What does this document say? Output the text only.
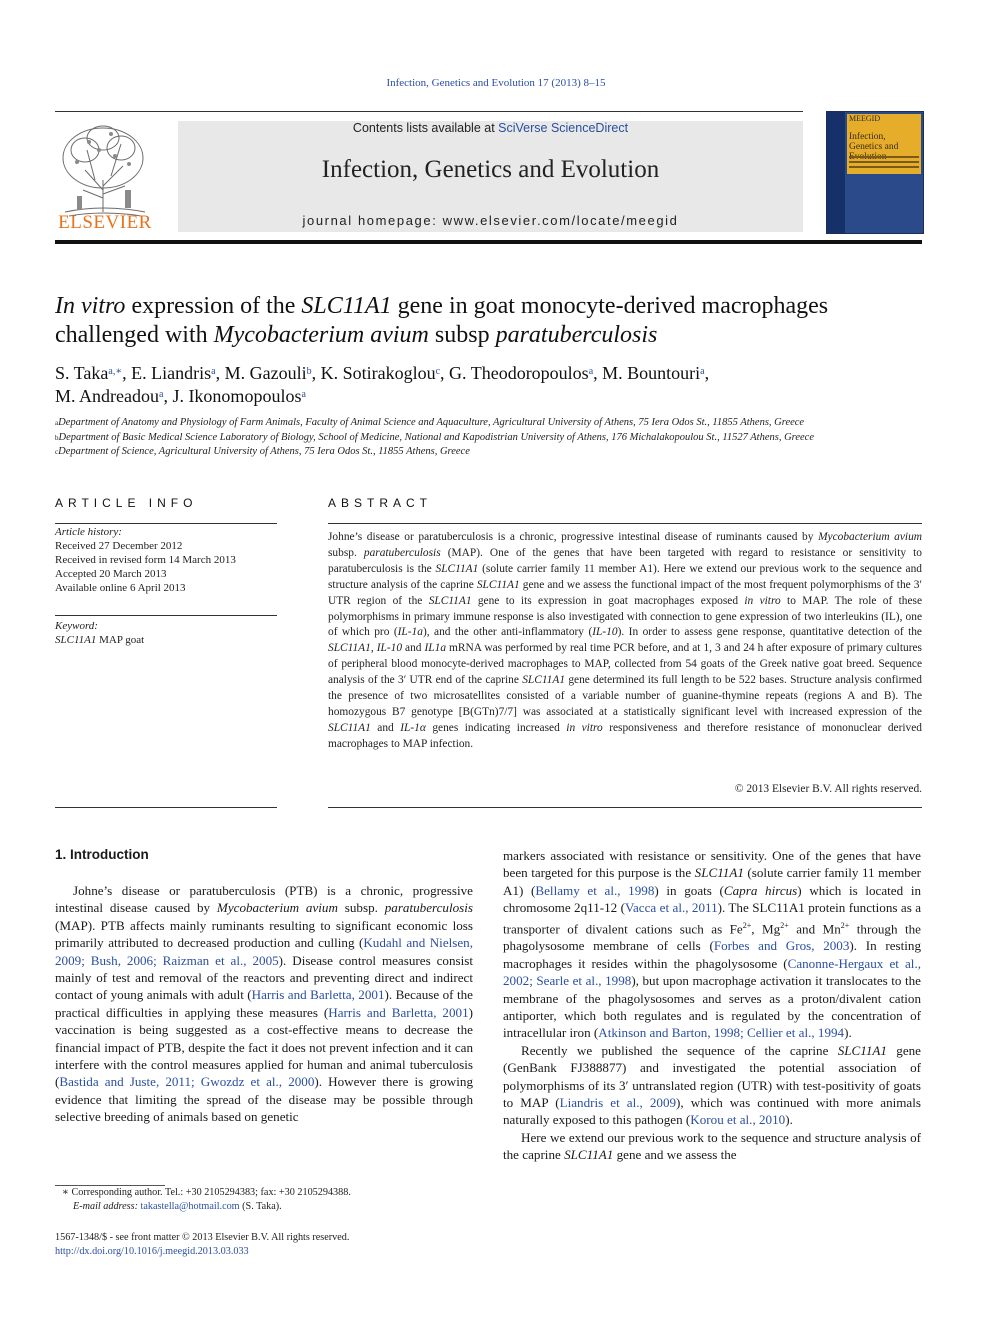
Infection, Genetics and Evolution 17 (2013) 8–15
ELSEVIER
Contents lists available at SciVerse ScienceDirect
Infection, Genetics and Evolution
journal homepage: www.elsevier.com/locate/meegid
MEEGID
Infection, Genetics and
In vitro expression of the SLC11A1 gene in goat monocyte-derived macrophages challenged with Mycobacterium avium subsp paratuberculosis
S. Taka$^{a,∗}$, E. Liandris$^a$, M. Gazouli$^b$, K. Sotirakoglou$^c$, G. Theodoropoulos$^a$, M. Bountouri$^a$,
M. Andreadou$^a$, J. Ikonomopoulos$^a$
$^a$Department of Anatomy and Physiology of Farm Animals, Faculty of Animal Science and Aquaculture, Agricultural University of Athens, 75 Iera Odos St., 11855 Athens, Greece
$^b$Department of Basic Medical Science Laboratory of Biology, School of Medicine, National and Kapodistrian University of Athens, 176 Michalakopoulou St., 11527 Athens, Greece
$^c$Department of Science, Agricultural University of Athens, 75 Iera Odos St., 11855 Athens, Greece
ARTICLE INFO
Article history:
Received 27 December 2012
Received in revised form 14 March 2013
Accepted 20 March 2013
Available online 6 April 2013
Keyword:
SLC11A1 MAP goat
ABSTRACT
Johne’s disease or paratuberculosis is a chronic, progressive intestinal disease of ruminants caused by Mycobacterium avium subsp. paratuberculosis (MAP). One of the genes that have been targeted with regard to resistance or sensitivity to paratuberculosis is the SLC11A1 (solute carrier family 11 member A1). Here we extend our previous work to the sequence and structure analysis of the caprine SLC11A1 gene and we assess the functional impact of the most frequent polymorphisms of the 3′ UTR region of the SLC11A1 gene to its expression in goat macrophages exposed in vitro to MAP. The role of these polymorphisms in primary immune response is also investigated with connection to gene expression of two interleukins (IL), one of which pro (IL-1a), and the other anti-inflammatory (IL-10). In order to assess gene response, quantitative detection of the SLC11A1, IL-10 and IL1a mRNA was performed by real time PCR before, and at 1, 3 and 24 h after exposure of primary cultures of peripheral blood monocyte-derived macrophages to MAP, collected from 54 goats of the Greek native goat breed. Sequence analysis of the 3′ UTR end of the caprine SLC11A1 gene determined its full length to be 522 bases. Structure analysis confirmed the presence of two microsatellites consisted of a variable number of guanine-thymine repeats (regions A and B). The homozygous B7 genotype [B(GTn)7/7] was associated at a statistically significant level with increased expression of the SLC11A1 and IL-1α genes indicating increased in vitro responsiveness and therefore resistance of mononuclear derived macrophages to MAP infection.
© 2013 Elsevier B.V. All rights reserved.
1. Introduction

Johne’s disease or paratuberculosis (PTB) is a chronic, progressive intestinal disease caused by Mycobacterium avium subsp. paratuberculosis (MAP). PTB affects mainly ruminants resulting to significant economic loss primarily attributed to decreased production and culling (Kudahl and Nielsen, 2009; Bush, 2006; Raizman et al., 2005). Disease control measures consist mainly of test and removal of the reactors and preventing direct and indirect contact of young animals with adult (Harris and Barletta, 2001). Because of the practical difficulties in applying these measures (Harris and Barletta, 2001) vaccination is being suggested as a cost-effective means to decrease the financial impact of PTB, despite the fact it does not prevent infection and it can interfere with the control measures applied for human and animal tuberculosis (Bastida and Juste, 2011; Gwozdz et al., 2000). However there is growing evidence that limiting the spread of the disease may be possible through selective breeding of animals based on genetic

∗ Corresponding author. Tel.: +30 2105294383; fax: +30 2105294388.
E-mail address: takastella@hotmail.com (S. Taka).
1567-1348/$ - see front matter © 2013 Elsevier B.V. All rights reserved.
http://dx.doi.org/10.1016/j.meegid.2013.03.033

markers associated with resistance or sensitivity. One of the genes that have been targeted for this purpose is the SLC11A1 (solute carrier family 11 member A1) (Bellamy et al., 1998) in goats (Capra hircus) which is located in chromosome 2q11-12 (Vacca et al., 2011). The SLC11A1 protein functions as a transporter of divalent cations such as $Fe^{2+}$, $Mg^{2+}$ and $Mn^{2+}$ through the phagolysosome membrane of cells (Forbes and Gros, 2003). In resting macrophages it resides within the phagolysosome (Canonne-Hergaux et al., 2002; Searle et al., 1998), but upon macrophage activation it translocates to the membrane of the phagolysosomes and serves as a proton/divalent cation antiporter, which both regulates and is regulated by the concentration of intracellular iron (Atkinson and Barton, 1998; Cellier et al., 1994).

Recently we published the sequence of the caprine SLC11A1 gene (GenBank FJ388877) and investigated the potential association of polymorphisms of its 3′ untranslated region (UTR) with test-positivity of goats to MAP (Liandris et al., 2009), which was continued with more animals naturally exposed to this pathogen (Korou et al., 2010).

Here we extend our previous work to the sequence and structure analysis of the caprine SLC11A1 gene and we assess the
